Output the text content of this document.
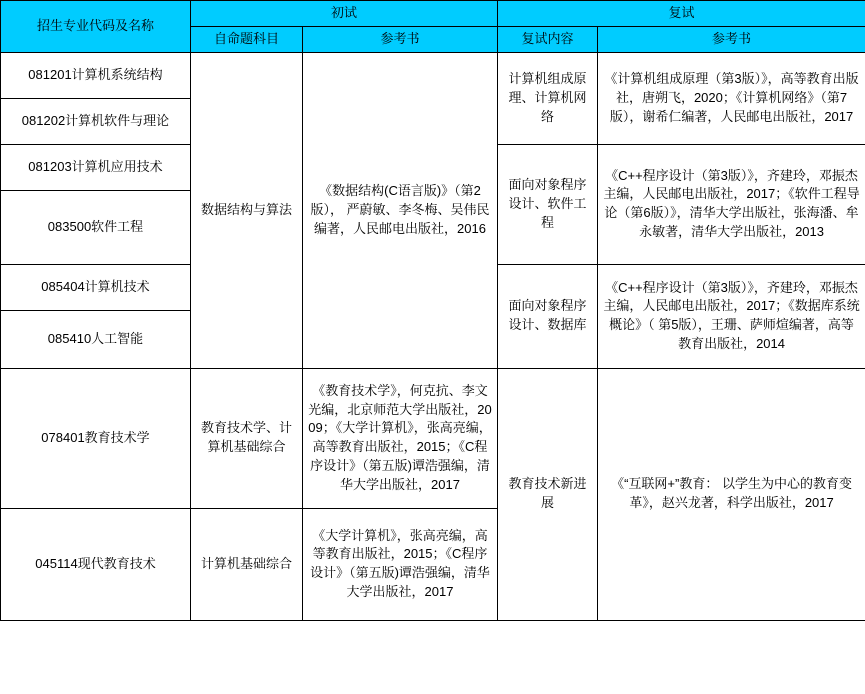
招生专业代码及名称	初试		复试	
	自命题科目	参考书	复试内容	参考书
081201计算机系统结构	数据结构与算法	《数据结构(C语言版)》（第2版）， 严蔚敏、李冬梅、吴伟民编著，人民邮电出版社，2016	计算机组成原理、计算机网络	《计算机组成原理（第3版）》，高等教育出版社，唐朔飞，2020；《计算机网络》（第7 版），谢希仁编著，人民邮电出版社，2017
081202计算机软件与理论				
081203计算机应用技术			面向对象程序设计、软件工程	《C++程序设计（第3版）》，齐建玲，邓振杰主编，人民邮电出版社，2017；《软件工程导论（第6版）》，清华大学出版社，张海潘、牟永敏著，清华大学出版社，2013
083500软件工程				
085404计算机技术			面向对象程序设计、数据库	《C++程序设计（第3版）》，齐建玲，邓振杰主编，人民邮电出版社，2017；《数据库系统概论》（ 第5版），王珊、萨师煊编著，高等教育出版社，2014
085410人工智能				
078401教育技术学	教育技术学、计算机基础综合	《教育技术学》，何克抗、李文光编，北京师范大学出版社，2009；《大学计算机》，张高亮编，高等教育出版社，2015；《C程序设计》（第五版)谭浩强编，清华大学出版社，2017	教育技术新进展	《“互联网+”教育： 以学生为中心的教育变革》，赵兴龙著，科学出版社，2017
045114现代教育技术	计算机基础综合	《大学计算机》，张高亮编，高等教育出版社，2015；《C程序设计》（第五版)谭浩强编，清华大学出版社，2017		
